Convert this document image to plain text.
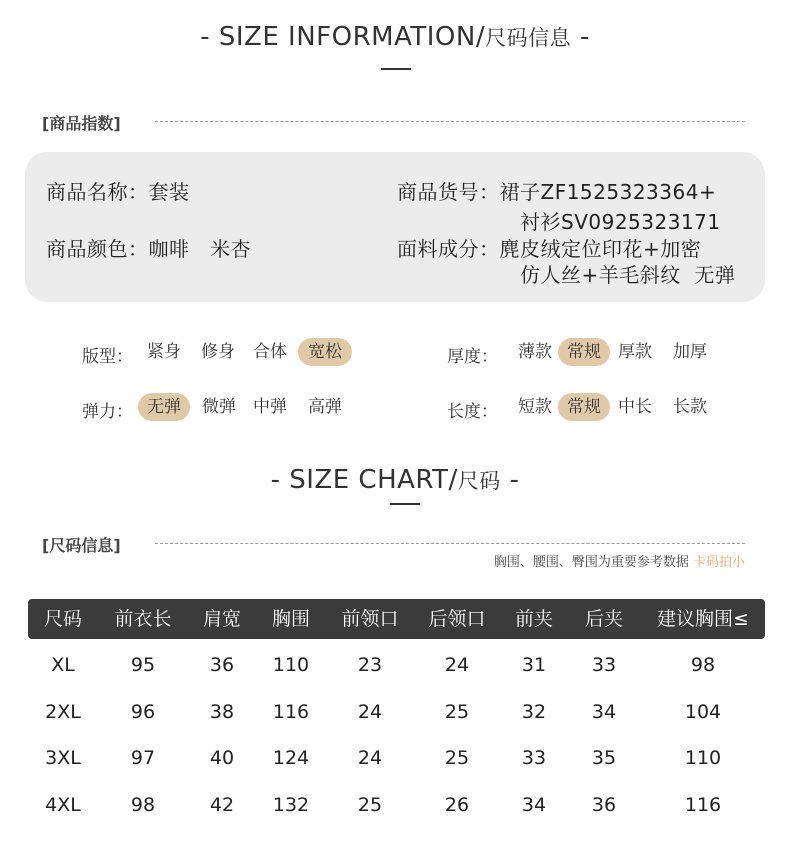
- SIZE INFORMATION/尺码信息 -
[商品指数]
商品名称：套装
商品颜色：咖啡   米杏
商品货号：裙子ZF1525323364+
衬衫SV0925323171
面料成分：麂皮绒定位印花+加密
仿人丝+羊毛斜纹  无弹
版型： 紧身	修身	合体	宽松	厚度：	薄款 常规	厚款	加厚
弹力： 无弹	微弹	中弹	高弹	长度：	短款 常规	中长	长款
- SIZE CHART/尺码 -
[尺码信息]
胸围、腰围、臀围为重要参考数据 卡码拍小
尺码	前衣长	肩宽	胸围	前领口	后领口	前夹	后夹	建议胸围≤
XL	95	36	110	23	24	31	33	98
2XL	96	38	116	24	25	32	34	104
3XL	97	40	124	24	25	33	35	110
4XL	98	42	132	25	26	34	36	116
